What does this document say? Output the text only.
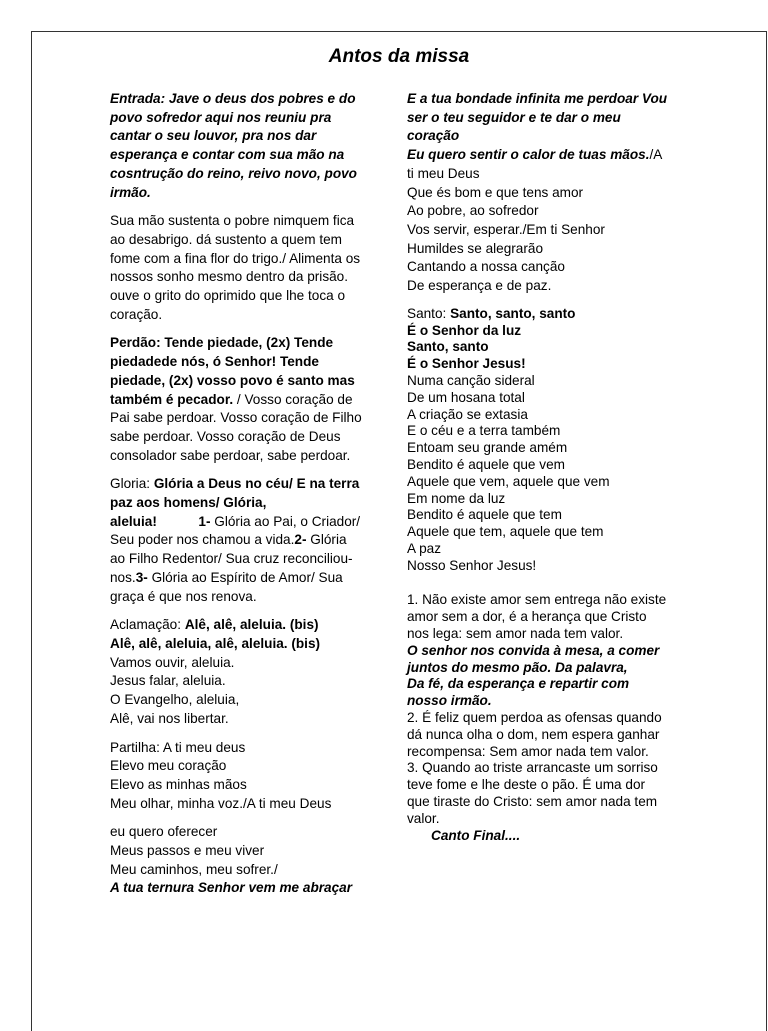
Antos da missa

Entrada: Jave o deus dos pobres e do povo sofredor aqui nos reuniu pra cantar o seu louvor, pra nos dar esperança e contar com sua mão na cosntrução do reino, reivo novo, povo irmão.

Sua mão sustenta o pobre nimquem fica ao desabrigo. dá sustento a quem tem fome com a fina flor do trigo./ Alimenta os nossos sonho mesmo dentro da prisão. ouve o grito do oprimido que lhe toca o coração.

Perdão: Tende piedade, (2x) Tende piedadede nós, ó Senhor! Tende piedade, (2x) vosso povo é santo mas também é pecador. / Vosso coração de Pai sabe perdoar. Vosso coração de Filho sabe perdoar. Vosso coração de Deus consolador sabe perdoar, sabe perdoar.

Gloria: Glória a Deus no céu/ E na terra paz aos homens/ Glória, aleluia!	1- Glória ao Pai, o Criador/ Seu poder nos chamou a vida.2- Glória ao Filho Redentor/ Sua cruz reconciliou-nos.3- Glória ao Espírito de Amor/ Sua graça é que nos renova.

Aclamação: Alê, alê, aleluia. (bis)
Alê, alê, aleluia, alê, aleluia. (bis)
Vamos ouvir, aleluia.
Jesus falar, aleluia.
O Evangelho, aleluia,
Alê, vai nos libertar.

Partilha: A ti meu deus
Elevo meu coração
Elevo as minhas mãos
Meu olhar, minha voz./A ti meu Deus

eu quero oferecer
Meus passos e meu viver
Meu caminhos, meu sofrer./
A tua ternura Senhor vem me abraçar

E a tua bondade infinita me perdoar Vou ser o teu seguidor e te dar o meu coração
Eu quero sentir o calor de tuas mãos./A ti meu Deus
Que és bom e que tens amor
Ao pobre, ao sofredor
Vos servir, esperar./Em ti Senhor
Humildes se alegrarão
Cantando a nossa canção
De esperança e de paz.

Santo: Santo, santo, santo
É o Senhor da luz
Santo, santo
É o Senhor Jesus!
Numa canção sideral
De um hosana total
A criação se extasia
E o céu e a terra também
Entoam seu grande amém
Bendito é aquele que vem
Aquele que vem, aquele que vem
Em nome da luz
Bendito é aquele que tem
Aquele que tem, aquele que tem
A paz
Nosso Senhor Jesus!

1. Não existe amor sem entrega não existe amor sem a dor, é a herança que Cristo nos lega: sem amor nada tem valor.
O senhor nos convida à mesa, a comer juntos do mesmo pão. Da palavra,
Da fé, da esperança e repartir com nosso irmão.
2. É feliz quem perdoa as ofensas quando dá nunca olha o dom, nem espera ganhar recompensa: Sem amor nada tem valor.
3. Quando ao triste arrancaste um sorriso teve fome e lhe deste o pão. É uma dor que tiraste do Cristo: sem amor nada tem valor.
Canto Final....
